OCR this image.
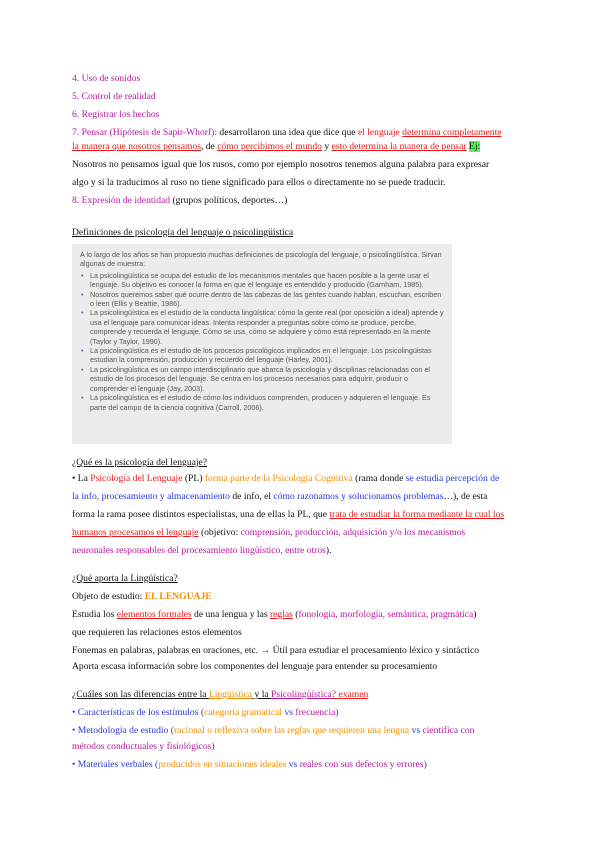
4. Uso de sonidos
5. Control de realidad
6. Registrar los hechos
7. Pensar (Hipótesis de Sapir-Whorf): desarrollaron una idea que dice que el lenguaje determina completamente
la manera que nosotros pensamos, de cómo percibimos el mundo y esto determina la manera de pensar Ej:
Nosotros no pensamos igual que los rusos, como por ejemplo nosotros tenemos alguna palabra para expresar
algo y si la traducimos al ruso no tiene significado para ellos o directamente no se puede traducir.
8. Expresión de identidad (grupos políticos, deportes…)
Definiciones de psicología del lenguaje o psicolingüística

A lo largo de los años se han propuesto muchas definiciones de psicología del lenguaje, o psicolingüística. Sirvan algunas de muestra:

• La psicolingüística se ocupa del estudio de los mecanismos mentales que hacen posible a la gente usar el lenguaje. Su objetivo es conocer la forma en que el lenguaje es entendido y producido (Garnham, 1985).
• Nosotros queremos saber qué ocurre dentro de las cabezas de las gentes cuando hablan, escuchan, escriben o leen (Ellis y Beattie, 1986).
• La psicolingüística es el estudio de la conducta lingüística: cómo la gente real (por oposición a ideal) aprende y usa el lenguaje para comunicar ideas. Intenta responder a preguntas sobre cómo se produce, percibe, comprende y recuerda el lenguaje. Cómo se usa, cómo se adquiere y cómo está representado en la mente (Taylor y Taylor, 1990).
• La psicolingüística es el estudio de los procesos psicológicos implicados en el lenguaje. Los psicolingüistas estudian la comprensión, producción y recuerdo del lenguaje (Harley, 2001).
• La psicolingüística es un campo interdisciplinario que abarca la psicología y disciplinas relacionadas con el estudio de los procesos del lenguaje. Se centra en los procesos necesarios para adquirir, producir o comprender el lenguaje (Jay, 2003).
• La psicolingüística es el estudio de cómo los individuos comprenden, producen y adquieren el lenguaje. Es parte del campo de la ciencia cognitiva (Carroll, 2006).
¿Qué es la psicología del lenguaje?
• La Psicología del Lenguaje (PL) forma parte de la Psicología Cognitiva (rama donde se estudia percepción de
la info, procesamiento y almacenamiento de info, el cómo razonamos y solucionamos problemas…), de esta
forma la rama posee distintos especialistas, una de ellas la PL, que trata de estudiar la forma mediante la cual los
humanos procesamos el lenguaje (objetivo: comprensión, producción, adquisición y/o los mecanismos
neuronales responsables del procesamiento lingüístico, entre otros).
¿Qué aporta la Lingüística?
Objeto de estudio: EL LENGUAJE
Estudia los elementos formales de una lengua y las reglas (fonología, morfología, semántica, pragmática)
que requieren las relaciones estos elementos
Fonemas en palabras, palabras en oraciones, etc. → Útil para estudiar el procesamiento léxico y sintáctico
Aporta escasa información sobre los componentes del lenguaje para entender su procesamiento
¿Cuáles son las diferencias entre la Lingüística y la Psicolingüística? examen
• Características de los estímulos (categoría gramatical vs frecuencia)
• Metodología de estudio (racional o reflexiva sobre las reglas que requieren una lengua vs científica con
métodos conductuales y fisiológicos)
• Materiales verbales (producidos en situaciones ideales vs reales con sus defectos y errores)
